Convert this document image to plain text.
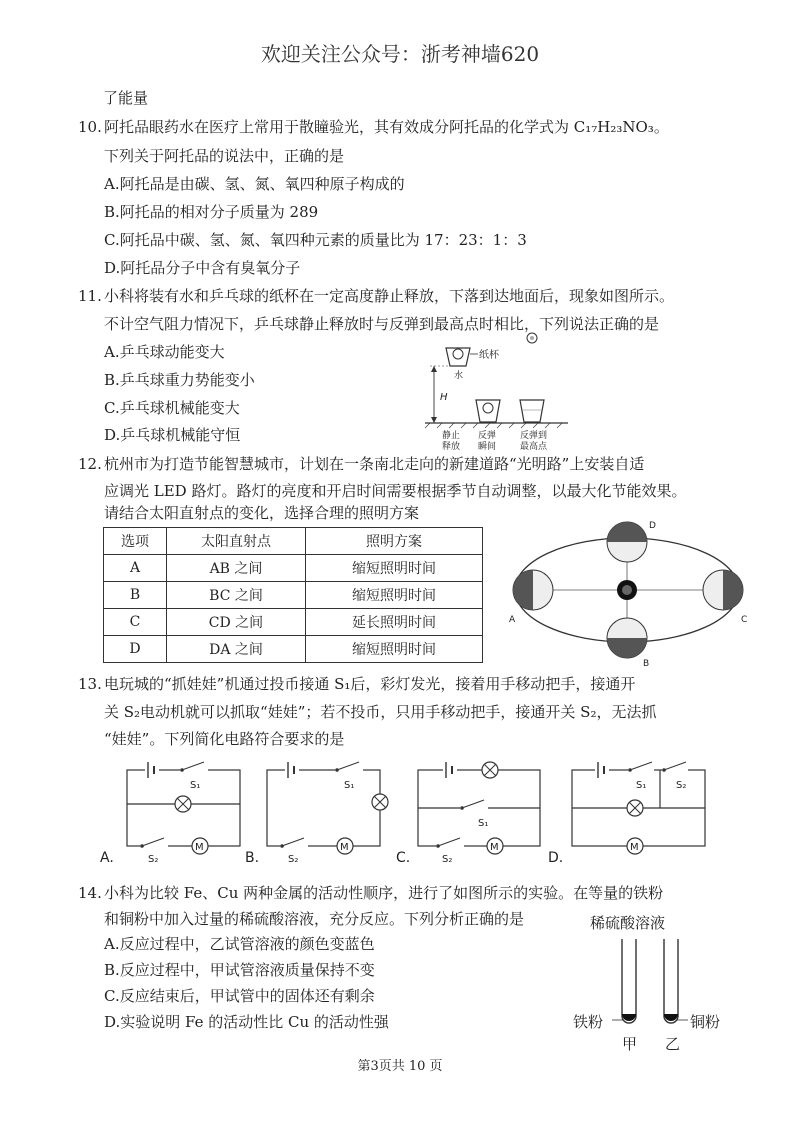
欢迎关注公众号：浙考神墙620
了能量
10. 阿托品眼药水在医疗上常用于散瞳验光，其有效成分阿托品的化学式为 C₁₇H₂₃NO₃。
下列关于阿托品的说法中，正确的是
A.阿托品是由碳、氢、氮、氧四种原子构成的
B.阿托品的相对分子质量为 289
C.阿托品中碳、氢、氮、氧四种元素的质量比为 17：23：1：3
D.阿托品分子中含有臭氧分子
11. 小科将装有水和乒乓球的纸杯在一定高度静止释放，下落到达地面后，现象如图所示。
不计空气阻力情况下，乒乓球静止释放时与反弹到最高点时相比，下列说法正确的是
A.乒乓球动能变大
B.乒乓球重力势能变小
C.乒乓球机械能变大
D.乒乓球机械能守恒
纸杯
水
H
静止
释放
反弹
瞬间
反弹到
最高点
12. 杭州市为打造节能智慧城市，计划在一条南北走向的新建道路“光明路”上安装自适
应调光 LED 路灯。路灯的亮度和开启时间需要根据季节自动调整，以最大化节能效果。
请结合太阳直射点的变化，选择合理的照明方案
选项	太阳直射点	照明方案
A	AB 之间	缩短照明时间
B	BC 之间	缩短照明时间
C	CD 之间	延长照明时间
D	DA 之间	缩短照明时间
A
B
C
D
13. 电玩城的“抓娃娃”机通过投币接通 S₁后，彩灯发光，接着用手移动把手，接通开
关 S₂电动机就可以抓取“娃娃”；若不投币，只用手移动把手，接通开关 S₂，无法抓
“娃娃”。下列简化电路符合要求的是
S₁
S₂
M
A.
S₁
S₂
M
B.
S₁
S₂
M
C.
S₁	S₂
M
D.
14. 小科为比较 Fe、Cu 两种金属的活动性顺序，进行了如图所示的实验。在等量的铁粉
和铜粉中加入过量的稀硫酸溶液，充分反应。下列分析正确的是
A.反应过程中，乙试管溶液的颜色变蓝色
B.反应过程中，甲试管溶液质量保持不变
C.反应结束后，甲试管中的固体还有剩余
D.实验说明 Fe 的活动性比 Cu 的活动性强
稀硫酸溶液
铁粉	铜粉
甲 乙
第3页共 10 页
